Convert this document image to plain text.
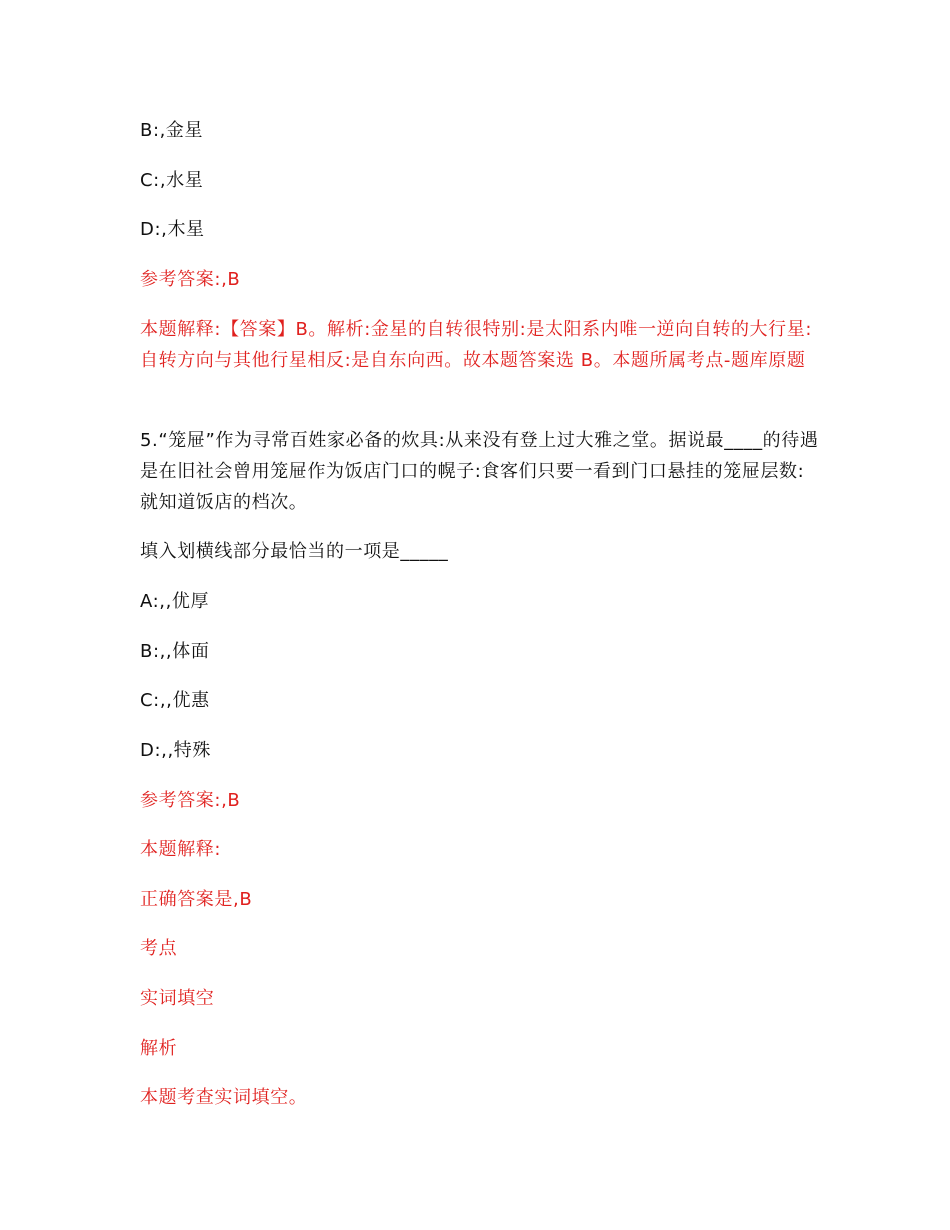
B:,金星
C:,水星
D:,木星
参考答案:,B
本题解释:【答案】B。解析:金星的自转很特别:是太阳系内唯一逆向自转的大行星:自转方向与其他行星相反:是自东向西。故本题答案选 B。本题所属考点-题库原题
5.“笼屉”作为寻常百姓家必备的炊具:从来没有登上过大雅之堂。据说最____的待遇是在旧社会曾用笼屉作为饭店门口的幌子:食客们只要一看到门口悬挂的笼屉层数:就知道饭店的档次。
填入划横线部分最恰当的一项是_____
A:,,优厚
B:,,体面
C:,,优惠
D:,,特殊
参考答案:,B
本题解释:
正确答案是,B
考点
实词填空
解析
本题考查实词填空。
